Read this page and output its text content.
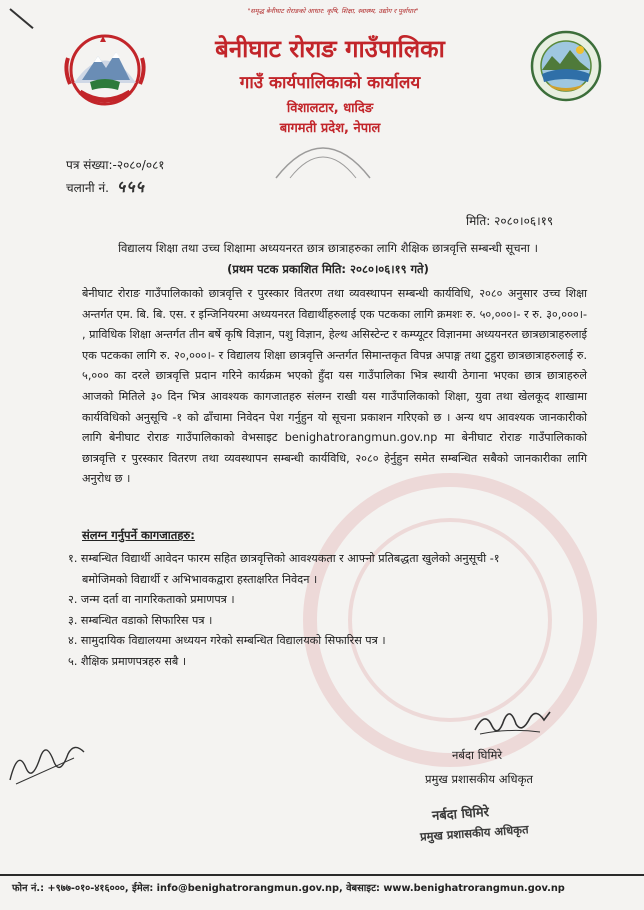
"समृद्ध बेनीघाट रोराङको आधार: कृषि, शिक्षा, स्वास्थ्य, उद्योग र पूर्वाधार"
बेनीघाट रोराङ गाउँपालिका
गाउँ कार्यपालिकाको कार्यालय
विशालटार, धादिङ
बागमती प्रदेश, नेपाल
पत्र संख्या:-२०८०/०८१
चलानी नं. ५५५
मिति: २०८०।०६।१९
विद्यालय शिक्षा तथा उच्च शिक्षामा अध्ययनरत छात्र छात्राहरुका लागि शैक्षिक छात्रवृत्ति सम्बन्धी सूचना ।
(प्रथम पटक प्रकाशित मिति: २०८०।०६।१९ गते)
बेनीघाट रोराङ गाउँपालिकाको छात्रवृत्ति र पुरस्कार वितरण तथा व्यवस्थापन सम्बन्धी कार्यविधि, २०८० अनुसार उच्च शिक्षा अन्तर्गत एम. बि. बि. एस. र इन्जिनियरमा अध्ययनरत विद्यार्थीहरुलाई एक पटकका लागि क्रमशः रु. ५०,०००।- र रु. ३०,०००।- , प्राविधिक शिक्षा अन्तर्गत तीन बर्षे कृषि विज्ञान, पशु विज्ञान, हेल्थ असिस्टेन्ट र कम्प्यूटर विज्ञानमा अध्ययनरत छात्रछात्राहरुलाई एक पटकका लागि रु. २०,०००।- र विद्यालय शिक्षा छात्रवृत्ति अन्तर्गत सिमान्तकृत विपन्न अपाङ्ग तथा टुहुरा छात्रछात्राहरुलाई रु. ५,००० का दरले छात्रवृत्ति प्रदान गरिने कार्यक्रम भएको हुँदा यस गाउँपालिका भित्र स्थायी ठेगाना भएका छात्र छात्राहरुले आजको मितिले ३० दिन भित्र आवश्यक कागजातहरु संलग्न राखी यस गाउँपालिकाको शिक्षा, युवा तथा खेलकूद शाखामा कार्यविधिको अनुसूचि -१ को ढाँचामा निवेदन पेश गर्नुहुन यो सूचना प्रकाशन गरिएको छ । अन्य थप आवश्यक जानकारीको लागि बेनीघाट रोराङ गाउँपालिकाको वेभसाइट benighatrorangmun.gov.np मा बेनीघाट रोराङ गाउँपालिकाको छात्रवृत्ति र पुरस्कार वितरण तथा व्यवस्थापन सम्बन्धी कार्यविधि, २०८० हेर्नुहुन समेत सम्बन्धित सबैको जानकारीका लागि अनुरोध छ ।
संलग्न गर्नुपर्ने कागजातहरु:
१. सम्बन्धित विद्यार्थी आवेदन फारम सहित छात्रवृत्तिको आवश्यकता र आफ्नो प्रतिबद्धता खुलेको अनुसूची -१
बमोजिमको विद्यार्थी र अभिभावकद्वारा हस्ताक्षरित निवेदन ।
२. जन्म दर्ता वा नागरिकताको प्रमाणपत्र ।
३. सम्बन्धित वडाको सिफारिस पत्र ।
४. सामुदायिक विद्यालयमा अध्ययन गरेको सम्बन्धित विद्यालयको सिफारिस पत्र ।
५. शैक्षिक प्रमाणपत्रहरु सबै ।
नर्बदा घिमिरे
प्रमुख प्रशासकीय अधिकृत
नर्बदा घिमिरे
प्रमुख प्रशासकीय अधिकृत
फोन नं.: +९७७-०१०-४१६०००, ईमेल: info@benighatrorangmun.gov.np, वेबसाइट: www.benighatrorangmun.gov.np
